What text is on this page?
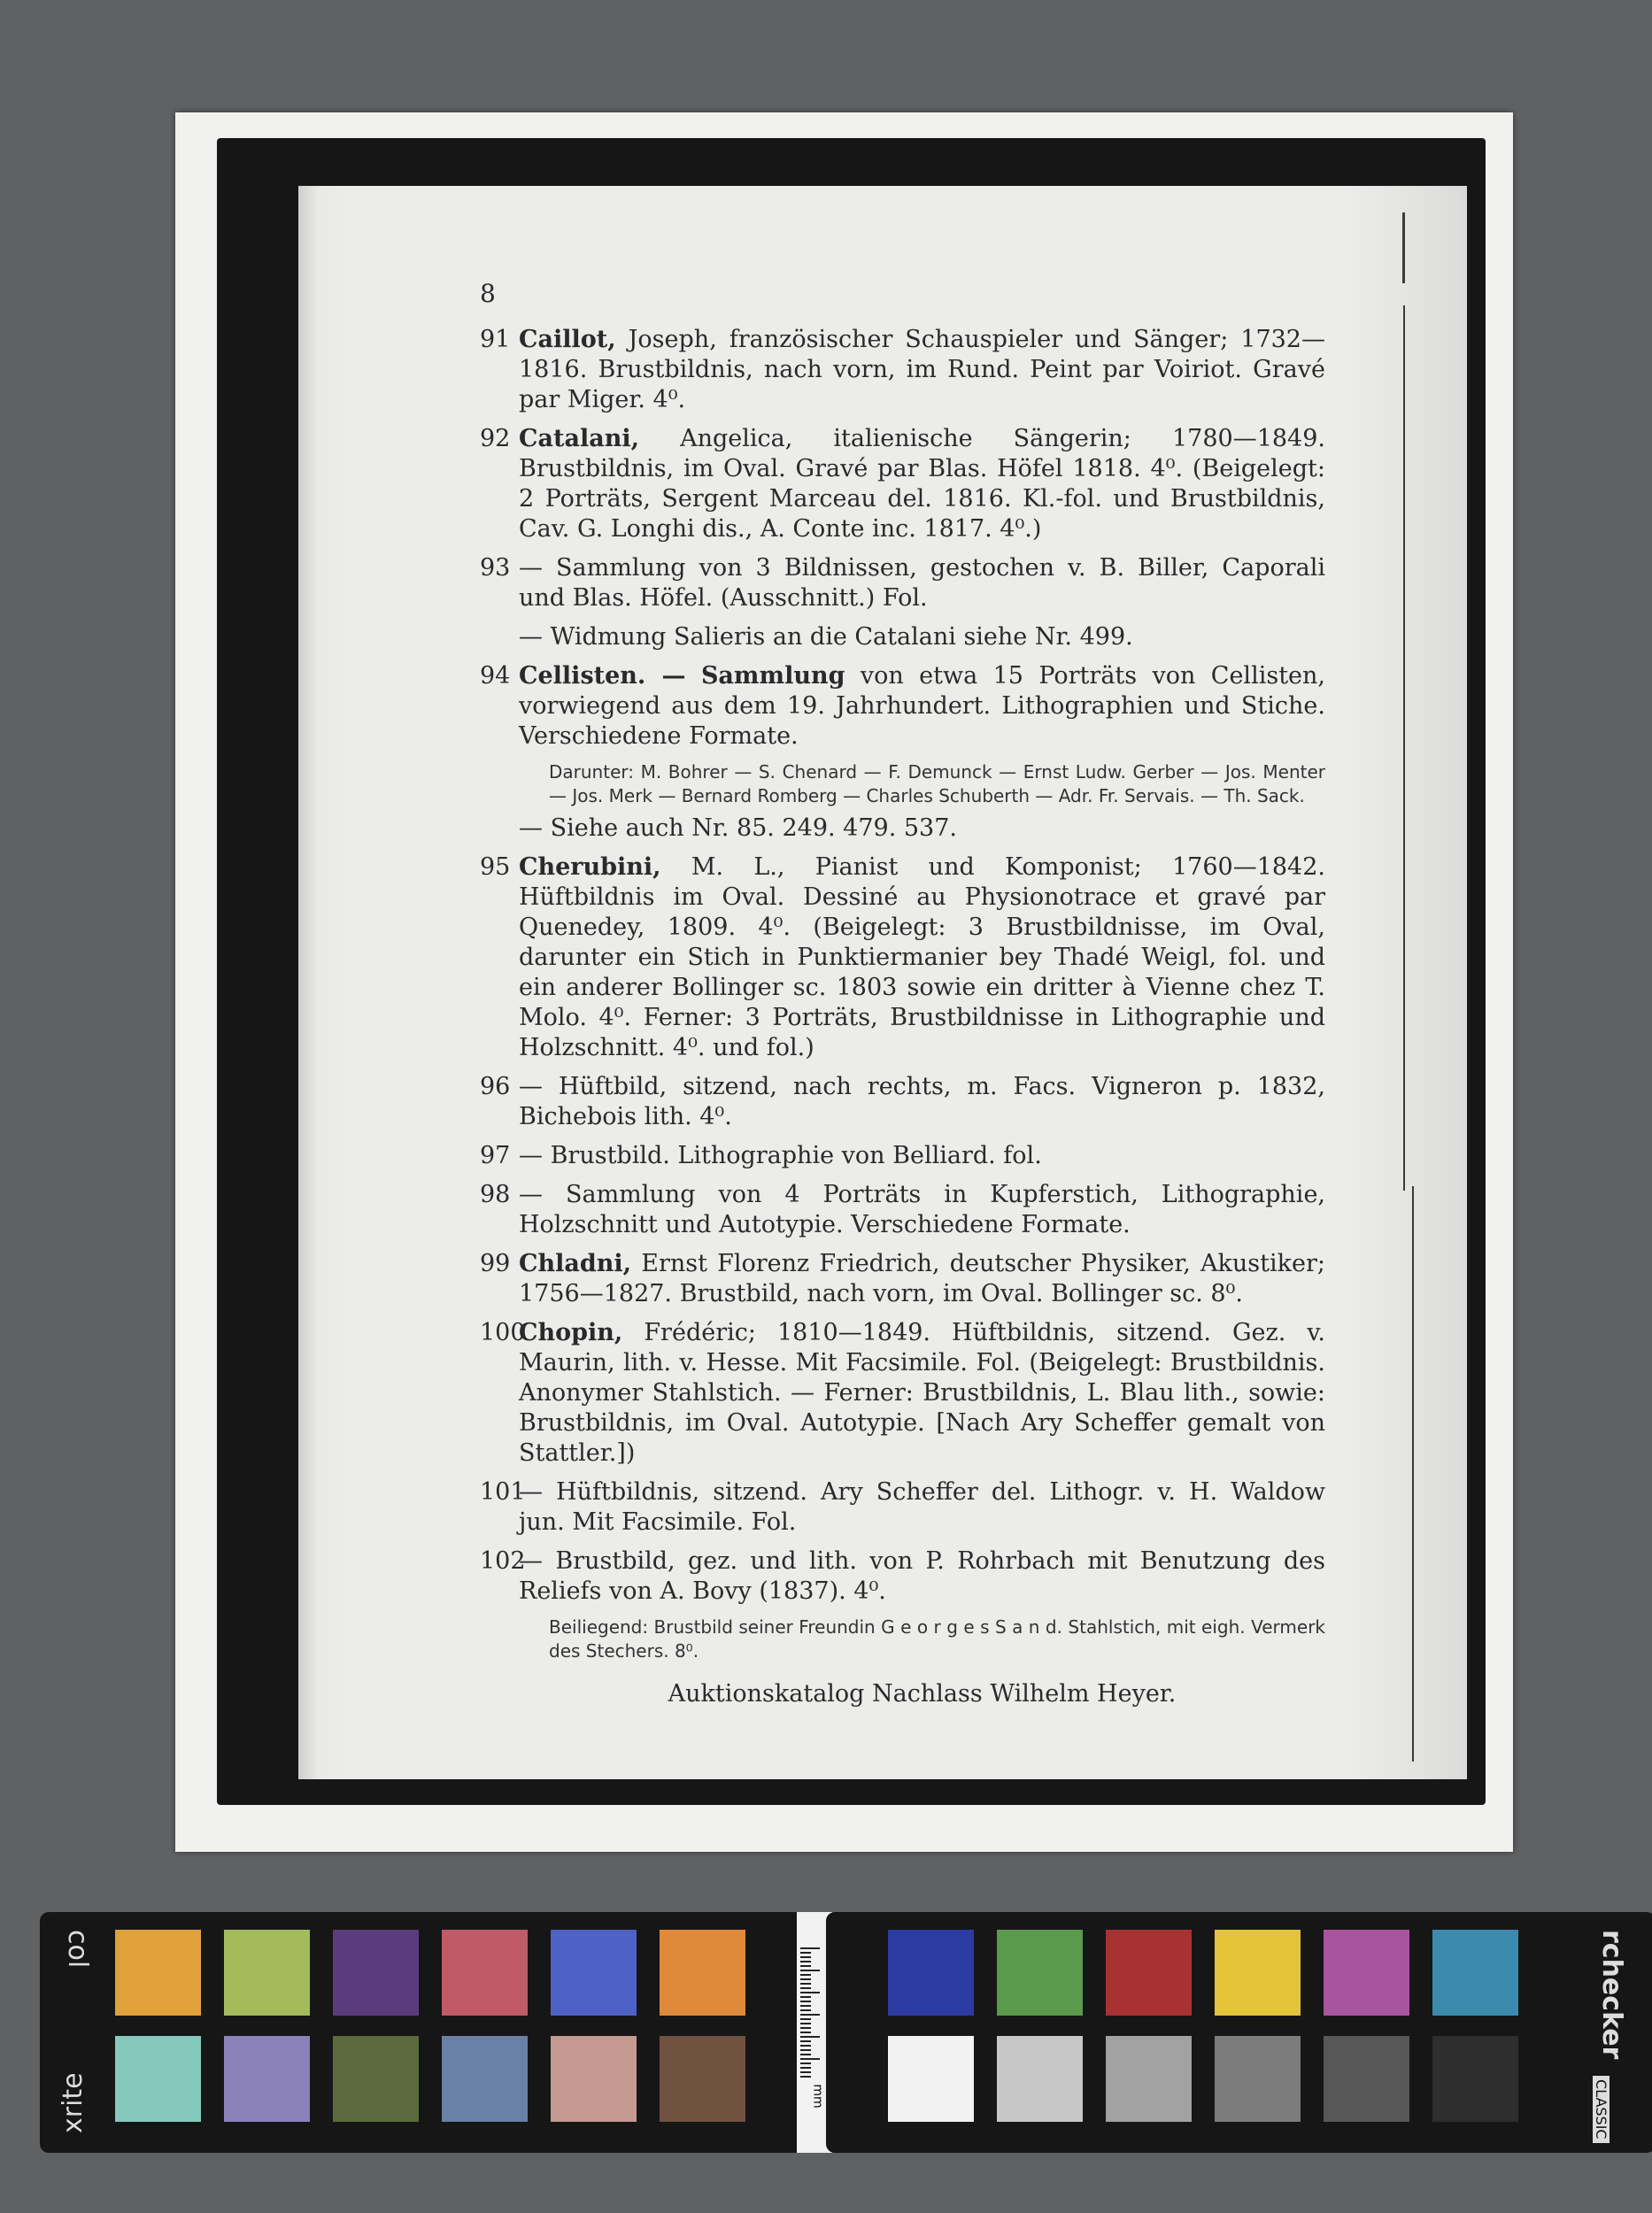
8
91 Caillot, Joseph, französischer Schauspieler und Sänger; 1732—1816. Brustbildnis, nach vorn, im Rund. Peint par Voiriot. Gravé par Miger. 4⁰.
92 Catalani, Angelica, italienische Sängerin; 1780—1849. Brustbildnis, im Oval. Gravé par Blas. Höfel 1818. 4⁰. (Beigelegt: 2 Porträts, Sergent Marceau del. 1816. Kl.-fol. und Brustbildnis, Cav. G. Longhi dis., A. Conte inc. 1817. 4⁰.)
93 — Sammlung von 3 Bildnissen, gestochen v. B. Biller, Caporali und Blas. Höfel. (Ausschnitt.) Fol.
— Widmung Salieris an die Catalani siehe Nr. 499.
94 Cellisten. — Sammlung von etwa 15 Porträts von Cellisten, vorwiegend aus dem 19. Jahrhundert. Lithographien und Stiche. Verschiedene Formate.
Darunter: M. Bohrer — S. Chenard — F. Demunck — Ernst Ludw. Gerber — Jos. Menter — Jos. Merk — Bernard Romberg — Charles Schuberth — Adr. Fr. Servais. — Th. Sack.
— Siehe auch Nr. 85. 249. 479. 537.
95 Cherubini, M. L., Pianist und Komponist; 1760—1842. Hüftbildnis im Oval. Dessiné au Physionotrace et gravé par Quenedey, 1809. 4⁰. (Beigelegt: 3 Brustbildnisse, im Oval, darunter ein Stich in Punktiermanier bey Thadé Weigl, fol. und ein anderer Bollinger sc. 1803 sowie ein dritter à Vienne chez T. Molo. 4⁰. Ferner: 3 Porträts, Brustbildnisse in Lithographie und Holzschnitt. 4⁰. und fol.)
96 — Hüftbild, sitzend, nach rechts, m. Facs. Vigneron p. 1832, Bichebois lith. 4⁰.
97 — Brustbild. Lithographie von Belliard. fol.
98 — Sammlung von 4 Porträts in Kupferstich, Lithographie, Holzschnitt und Autotypie. Verschiedene Formate.
99 Chladni, Ernst Florenz Friedrich, deutscher Physiker, Akustiker; 1756—1827. Brustbild, nach vorn, im Oval. Bollinger sc. 8⁰.
100
Chopin, Frédéric; 1810—1849. Hüftbildnis, sitzend. Gez. v. Maurin, lith. v. Hesse. Mit Facsimile. Fol. (Beigelegt: Brustbildnis. Anonymer Stahlstich. — Ferner: Brustbildnis, L. Blau lith., sowie: Brustbildnis, im Oval. Autotypie. [Nach Ary Scheffer gemalt von Stattler.])
101
— Hüftbildnis, sitzend. Ary Scheffer del. Lithogr. v. H. Waldow jun. Mit Facsimile. Fol.
102
— Brustbild, gez. und lith. von P. Rohrbach mit Benutzung des Reliefs von A. Bovy (1837). 4⁰.
Beiliegend: Brustbild seiner Freundin G e o r g e s S a n d. Stahlstich, mit eigh. Vermerk des Stechers. 8⁰.
Auktionskatalog Nachlass Wilhelm Heyer.
col
xrite	mm
rchecker
CLASSIC
